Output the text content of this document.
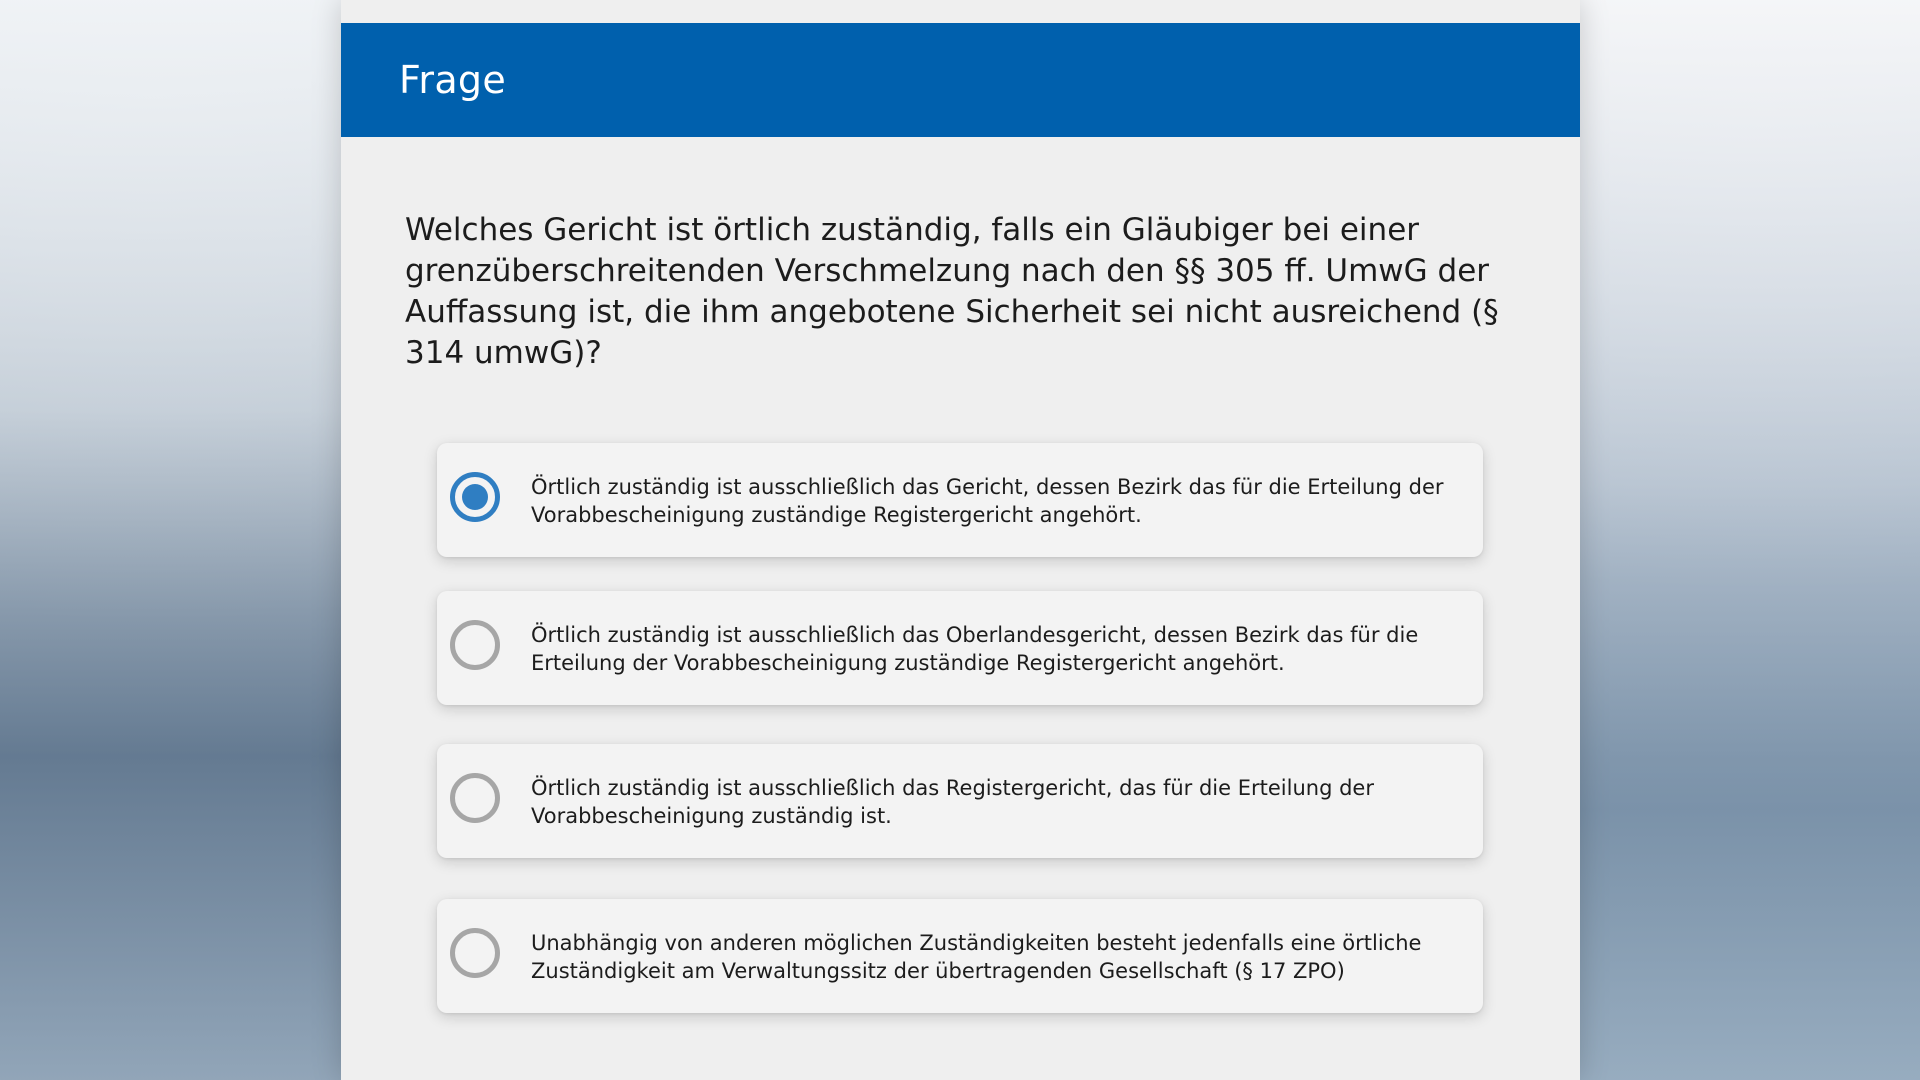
Frage
Welches Gericht ist örtlich zuständig, falls ein Gläubiger bei einer grenzüberschreitenden Verschmelzung nach den §§ 305 ff. UmwG der Auffassung ist, die ihm angebotene Sicherheit sei nicht ausreichend (§ 314 umwG)?
Örtlich zuständig ist ausschließlich das Gericht, dessen Bezirk das für die Erteilung der Vorabbescheinigung zuständige Registergericht angehört.
Örtlich zuständig ist ausschließlich das Oberlandesgericht, dessen Bezirk das für die Erteilung der Vorabbescheinigung zuständige Registergericht angehört.
Örtlich zuständig ist ausschließlich das Registergericht, das für die Erteilung der Vorabbescheinigung zuständig ist.
Unabhängig von anderen möglichen Zuständigkeiten besteht jedenfalls eine örtliche Zuständigkeit am Verwaltungssitz der übertragenden Gesellschaft (§ 17 ZPO)
